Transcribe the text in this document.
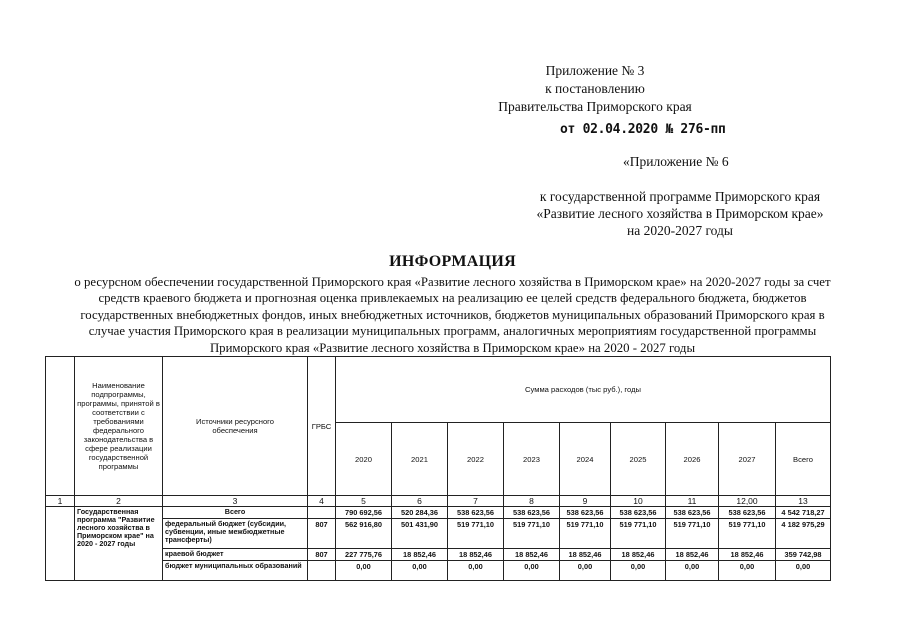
Приложение № 3
к постановлению
Правительства Приморского края
от 02.04.2020 № 276-пп
«Приложение № 6
к государственной программе Приморского края
«Развитие лесного хозяйства в Приморском крае»
на 2020-2027 годы
ИНФОРМАЦИЯ
о ресурсном обеспечении государственной Приморского края «Развитие лесного хозяйства в Приморском крае» на 2020-2027 годы за счет
средств краевого бюджета и прогнозная оценка привлекаемых на реализацию ее целей средств федерального бюджета, бюджетов
государственных внебюджетных фондов, иных внебюджетных источников, бюджетов муниципальных образований Приморского края в
случае участия Приморского края в реализации муниципальных программ, аналогичных мероприятиям государственной программы
Приморского края «Развитие лесного хозяйства в Приморском крае» на 2020 - 2027 годы
	Наименование подпрограммы, программы, принятой в соответствии с требованиями федерального законодательства в сфере реализации государственной программы	Источники ресурсного обеспечения	ГРБС	Сумма расходов (тыс руб.), годы								
				2020	2021	2022	2023	2024	2025	2026	2027	Всего
1	2	3	4	5	6	7	8	9	10	11	12,00	13
	Государственная программа "Развитие лесного хозяйства в Приморском крае" на 2020 - 2027 годы	Всего		790 692,56	520 284,36	538 623,56	538 623,56	538 623,56	538 623,56	538 623,56	538 623,56	4 542 718,27
		федеральный бюджет (субсидии, субвенции, иные межбюджетные трансферты)	807	562 916,80	501 431,90	519 771,10	519 771,10	519 771,10	519 771,10	519 771,10	519 771,10	4 182 975,29
		краевой бюджет	807	227 775,76	18 852,46	18 852,46	18 852,46	18 852,46	18 852,46	18 852,46	18 852,46	359 742,98
		бюджет муниципальных образований		0,00	0,00	0,00	0,00	0,00	0,00	0,00	0,00	0,00
